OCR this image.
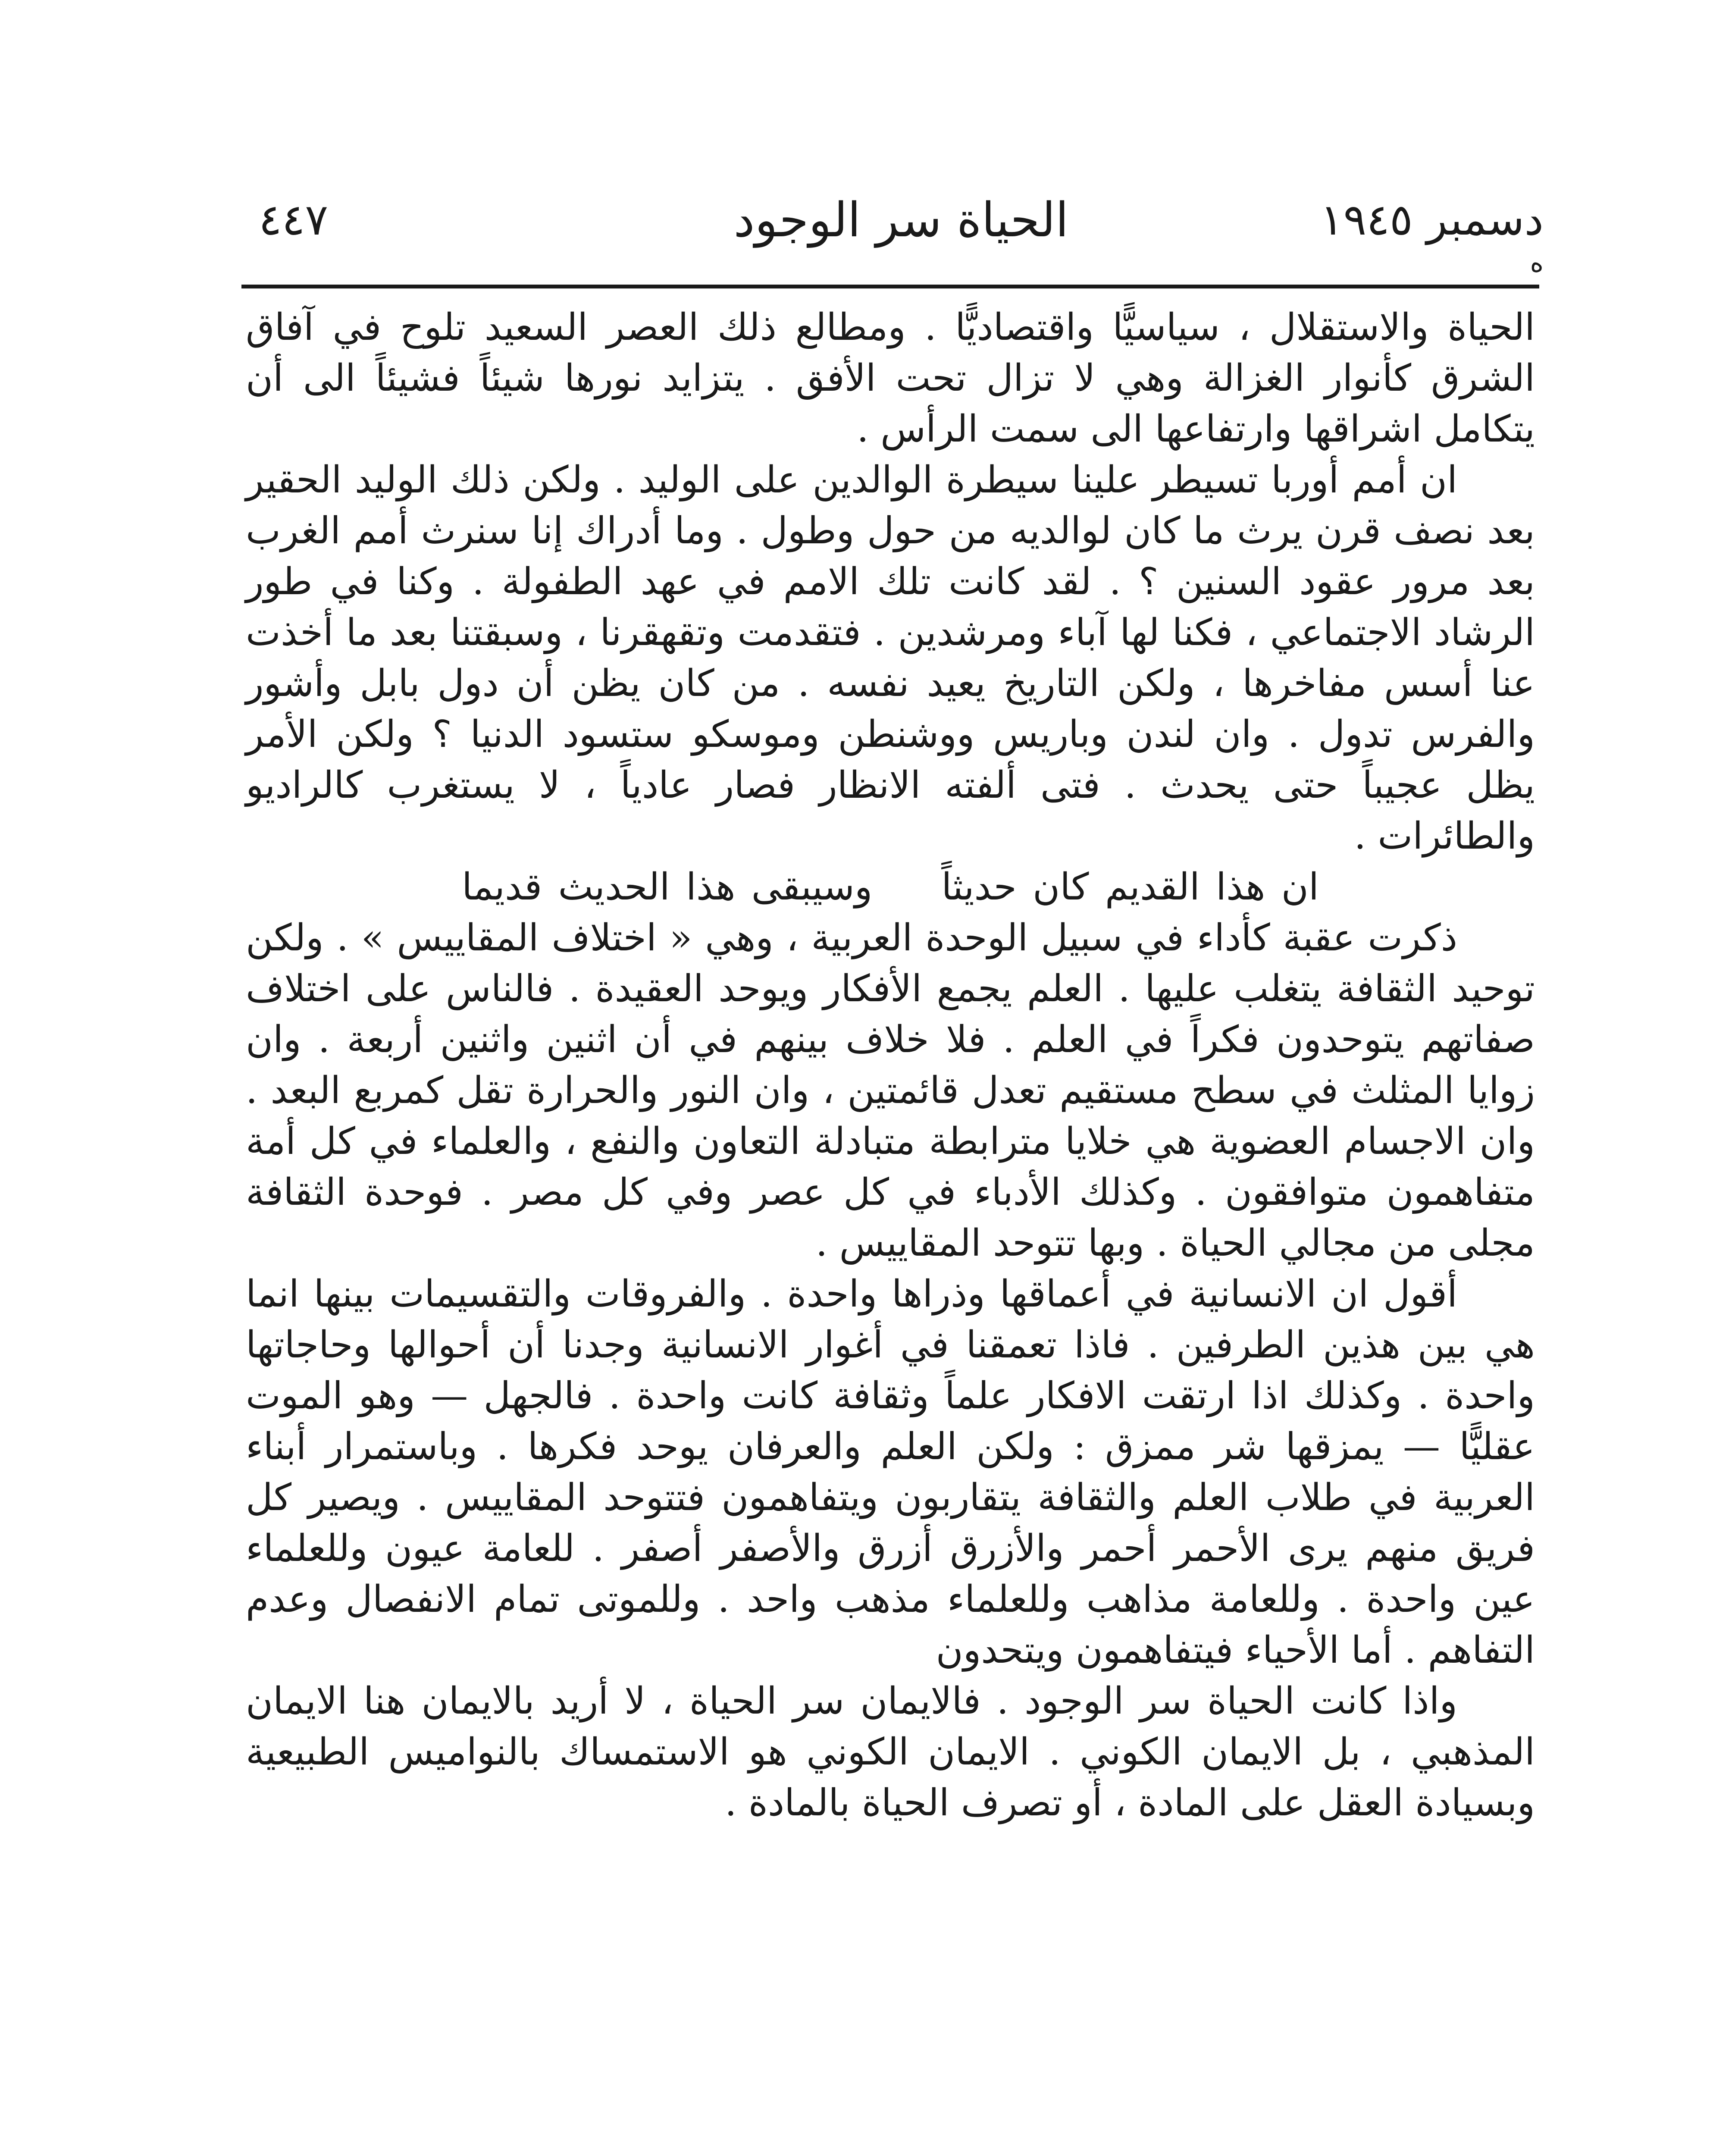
دسمبر ١٩٤٥
الحياة سر الوجود
٤٤٧
ه

الحياة والاستقلال ، سياسيًّا واقتصاديًّا . ومطالع ذلك العصر السعيد تلوح في آفاق الشرق كأنوار الغزالة وهي لا تزال تحت الأفق . يتزايد نورها شيئاً فشيئاً الى أن يتكامل اشراقها وارتفاعها الى سمت الرأس .

ان أمم أوربا تسيطر علينا سيطرة الوالدين على الوليد . ولكن ذلك الوليد الحقير بعد نصف قرن يرث ما كان لوالديه من حول وطول . وما أدراك إنا سنرث أمم الغرب بعد مرور عقود السنين ؟ . لقد كانت تلك الامم في عهد الطفولة . وكنا في طور الرشاد الاجتماعي ، فكنا لها آباء ومرشدين . فتقدمت وتقهقرنا ، وسبقتنا بعد ما أخذت عنا أسس مفاخرها ، ولكن التاريخ يعيد نفسه . من كان يظن أن دول بابل وأشور والفرس تدول . وان لندن وباريس ووشنطن وموسكو ستسود الدنيا ؟ ولكن الأمر يظل عجيباً حتى يحدث . فتى ألفته الانظار فصار عادياً ، لا يستغرب كالراديو والطائرات .

ان هذا القديم كان حديثاًوسيبقى هذا الحديث قديما

ذكرت عقبة كأداء في سبيل الوحدة العربية ، وهي « اختلاف المقاييس » . ولكن توحيد الثقافة يتغلب عليها . العلم يجمع الأفكار ويوحد العقيدة . فالناس على اختلاف صفاتهم يتوحدون فكراً في العلم . فلا خلاف بينهم في أن اثنين واثنين أربعة . وان زوايا المثلث في سطح مستقيم تعدل قائمتين ، وان النور والحرارة تقل كمربع البعد . وان الاجسام العضوية هي خلايا مترابطة متبادلة التعاون والنفع ، والعلماء في كل أمة متفاهمون متوافقون . وكذلك الأدباء في كل عصر وفي كل مصر . فوحدة الثقافة مجلى من مجالي الحياة . وبها تتوحد المقاييس .

أقول ان الانسانية في أعماقها وذراها واحدة . والفروقات والتقسيمات بينها انما هي بين هذين الطرفين . فاذا تعمقنا في أغوار الانسانية وجدنا أن أحوالها وحاجاتها واحدة . وكذلك اذا ارتقت الافكار علماً وثقافة كانت واحدة . فالجهل — وهو الموت عقليًّا — يمزقها شر ممزق : ولكن العلم والعرفان يوحد فكرها . وباستمرار أبناء العربية في طلاب العلم والثقافة يتقاربون ويتفاهمون فتتوحد المقاييس . ويصير كل فريق منهم يرى الأحمر أحمر والأزرق أزرق والأصفر أصفر . للعامة عيون وللعلماء عين واحدة . وللعامة مذاهب وللعلماء مذهب واحد . وللموتى تمام الانفصال وعدم التفاهم . أما الأحياء فيتفاهمون ويتحدون

واذا كانت الحياة سر الوجود . فالايمان سر الحياة ، لا أريد بالايمان هنا الايمان المذهبي ، بل الايمان الكوني . الايمان الكوني هو الاستمساك بالنواميس الطبيعية وبسيادة العقل على المادة ، أو تصرف الحياة بالمادة .
